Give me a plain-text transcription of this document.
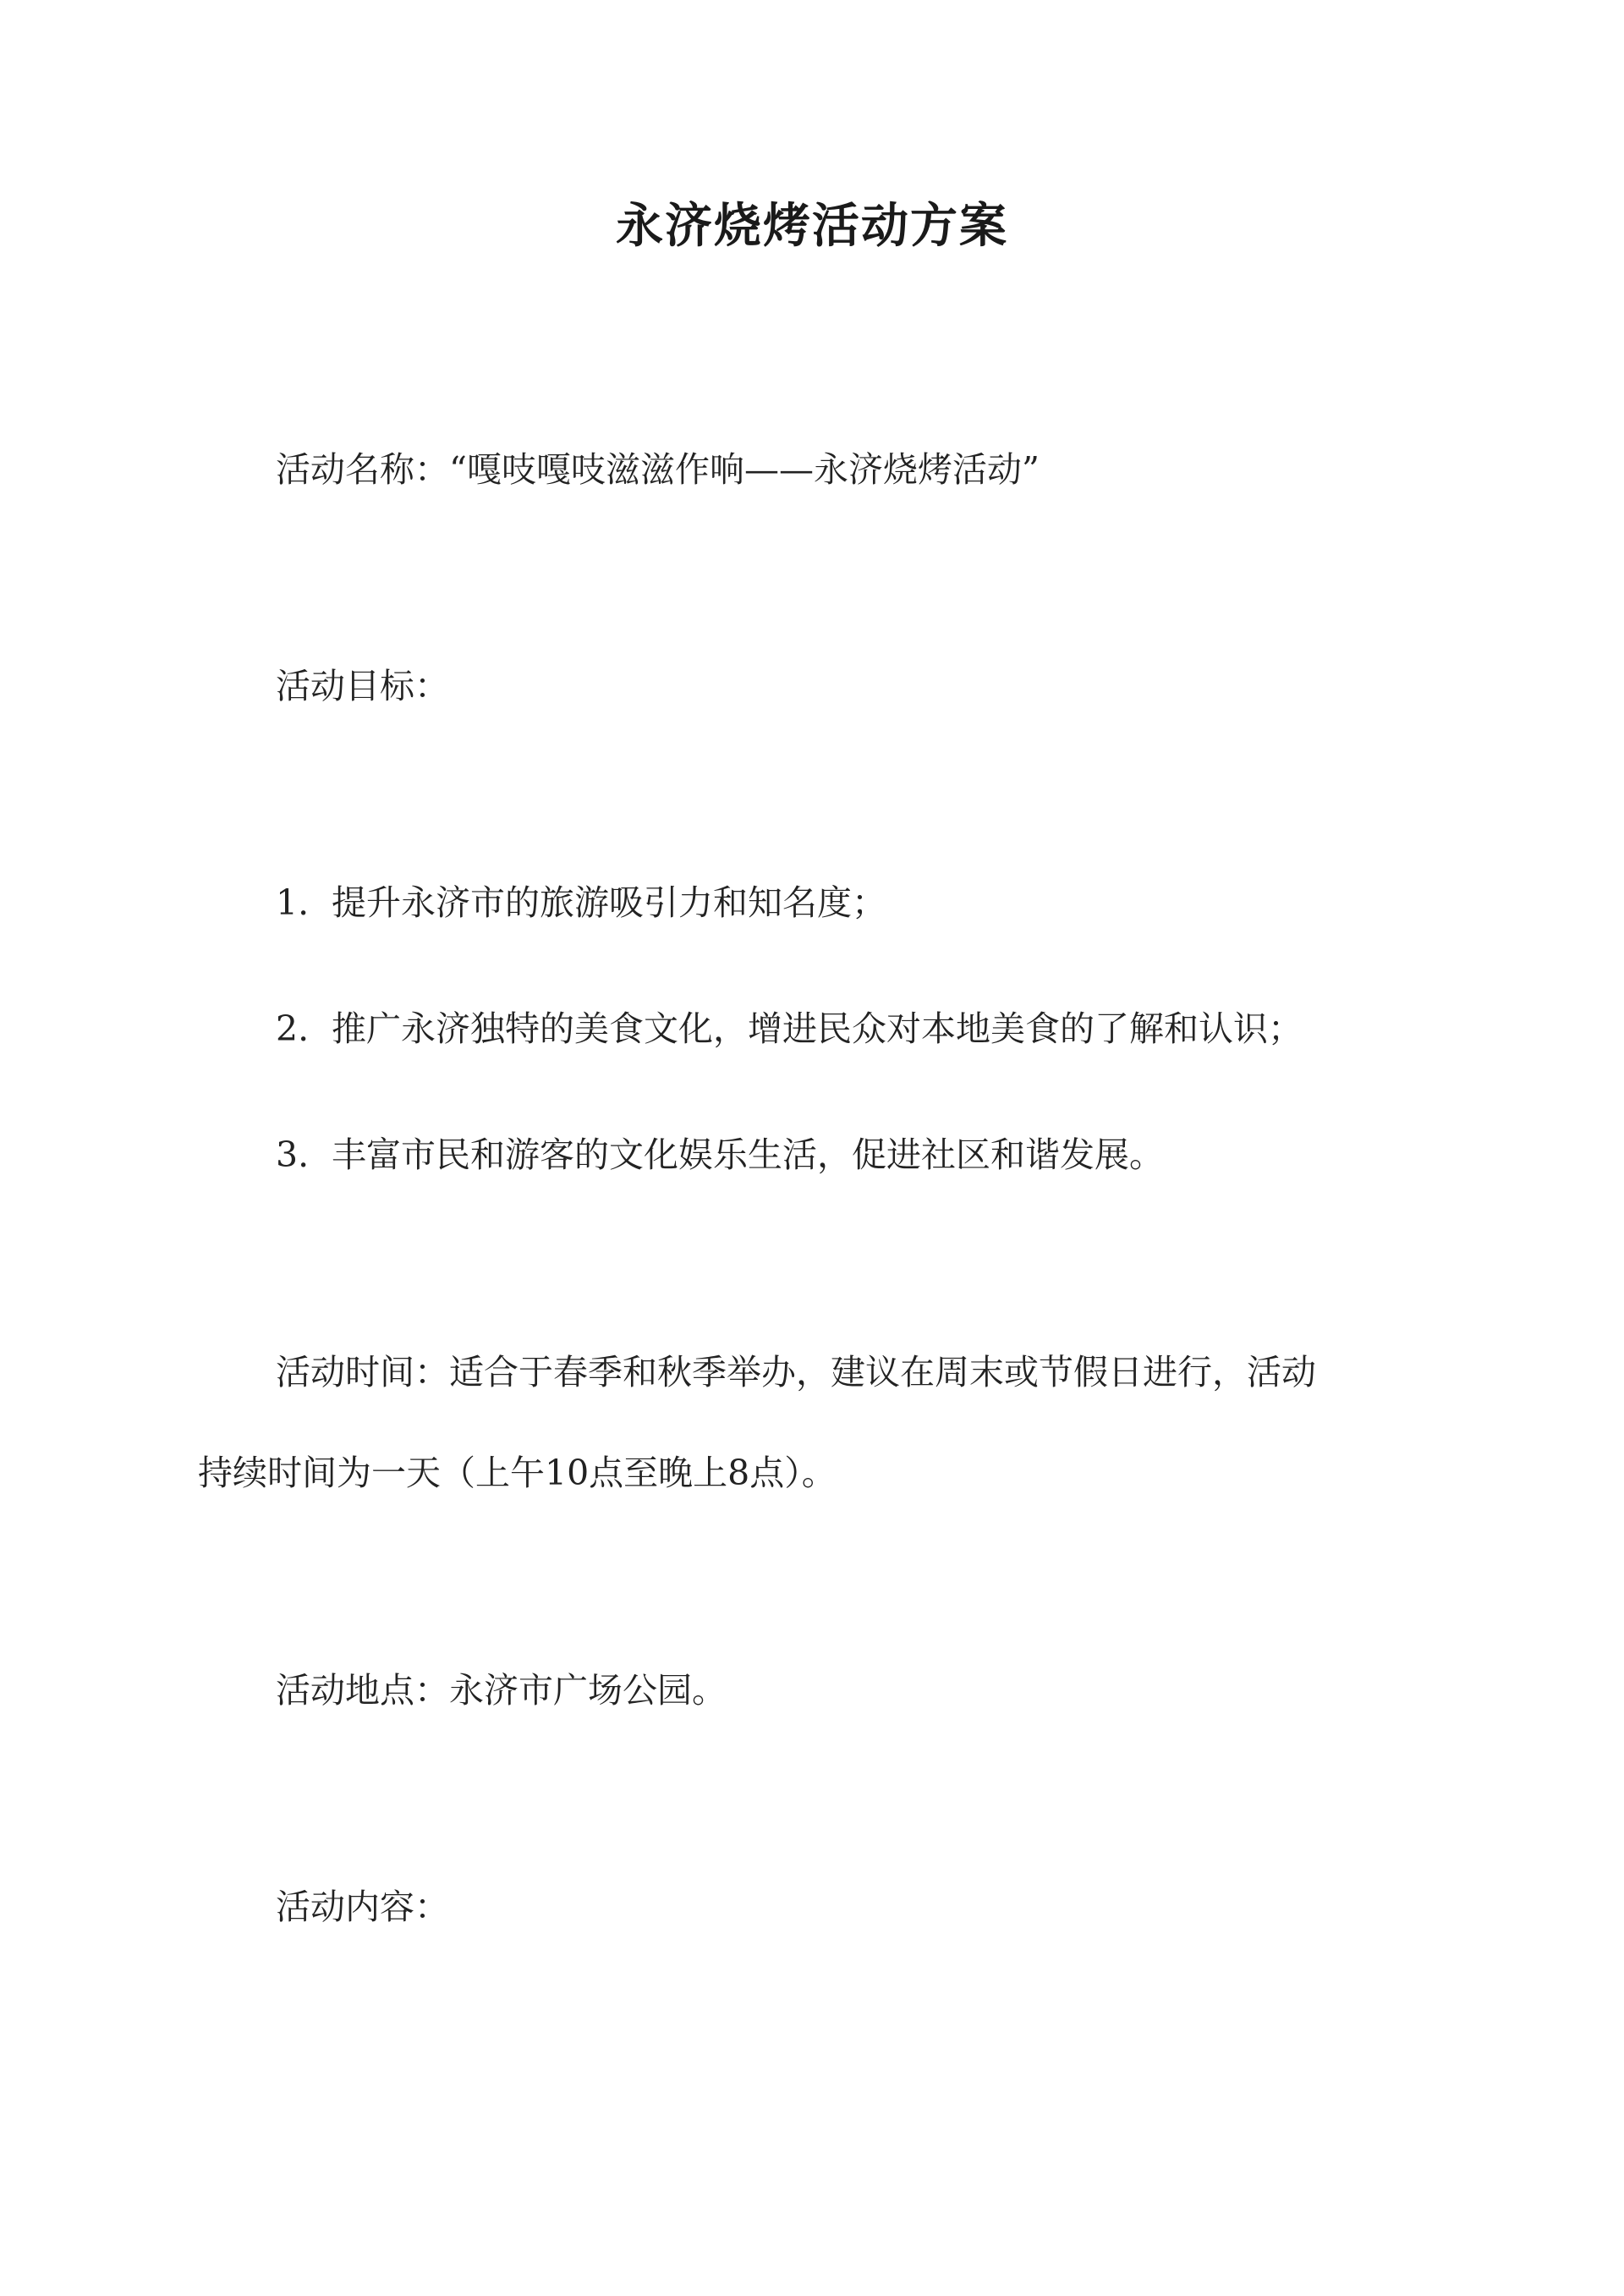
永济烧烤活动方案
活动名称：“嘎吱嘎吱滋滋作响——永济烧烤活动”
活动目标：
1. 提升永济市的旅游吸引力和知名度；
2. 推广永济独特的美食文化，增进民众对本地美食的了解和认识；
3. 丰富市民和游客的文化娱乐生活，促进社区和谐发展。
活动时间：适合于春季和秋季举办，建议在周末或节假日进行，活动
持续时间为一天（上午10点至晚上8点）。
活动地点：永济市广场公园。
活动内容：
